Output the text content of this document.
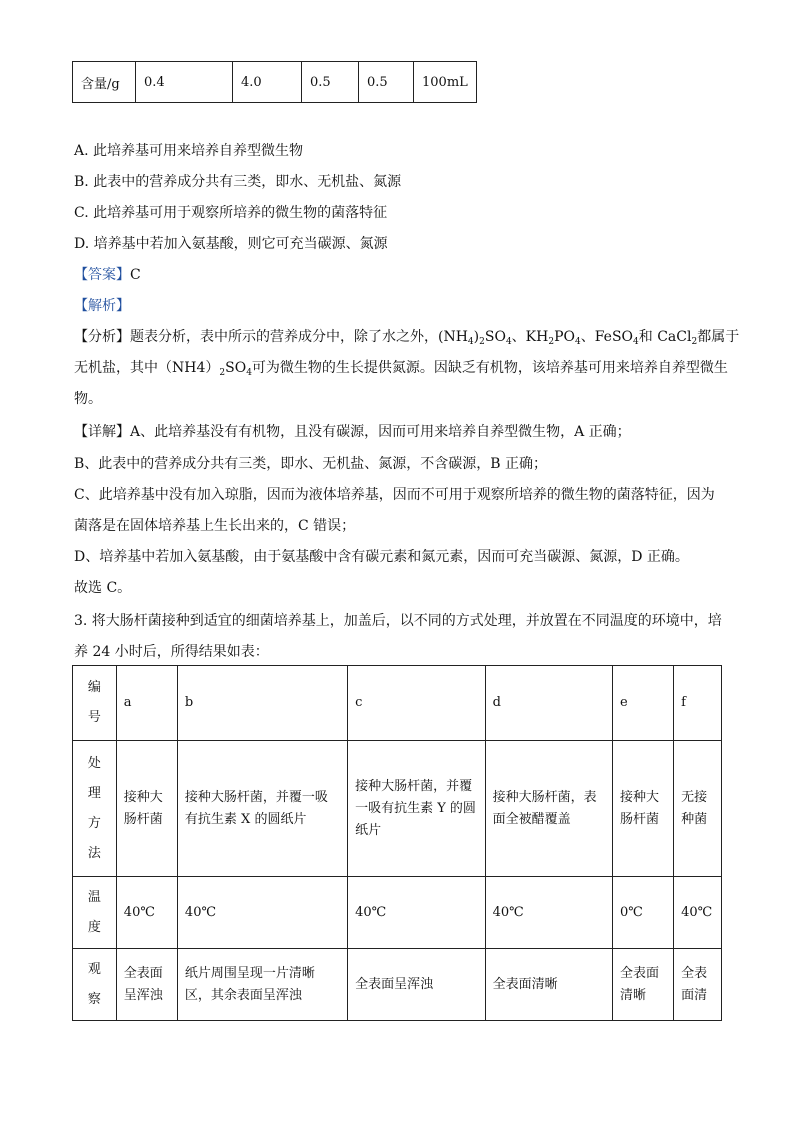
含量/g	0.4	4.0	0.5	0.5	100mL
A. 此培养基可用来培养自养型微生物
B. 此表中的营养成分共有三类，即水、无机盐、氮源
C. 此培养基可用于观察所培养的微生物的菌落特征
D. 培养基中若加入氨基酸，则它可充当碳源、氮源
【答案】C
【解析】
【分析】题表分析，表中所示的营养成分中，除了水之外，$(NH_4)_2SO_4$、$KH_2PO_4$、FeSO$_4$和 CaCl$_2$都属于
无机盐，其中$(NH4)_2SO_4$可为微生物的生长提供氮源。因缺乏有机物，该培养基可用来培养自养型微生
物。
【详解】A、此培养基没有有机物，且没有碳源，因而可用来培养自养型微生物，A 正确；
B、此表中的营养成分共有三类，即水、无机盐、氮源，不含碳源，B 正确；
C、此培养基中没有加入琼脂，因而为液体培养基，因而不可用于观察所培养的微生物的菌落特征，因为
菌落是在固体培养基上生长出来的，C 错误；
D、培养基中若加入氨基酸，由于氨基酸中含有碳元素和氮元素，因而可充当碳源、氮源，D 正确。
故选 C。
3. 将大肠杆菌接种到适宜的细菌培养基上，加盖后，以不同的方式处理，并放置在不同温度的环境中，培
养 24 小时后，所得结果如表：
编
号	a	b	c	d	e	f

处
理
方
法	接种大肠杆菌	接种大肠杆菌，并覆一吸有抗生素 X 的圆纸片	接种大肠杆菌，并覆一吸有抗生素 Y 的圆纸片	接种大肠杆菌，表面全被醋覆盖	接种大肠杆菌	无接种菌

温
度	40℃	40℃	40℃	40℃	0℃	40℃

观
察	全表面呈浑浊	纸片周围呈现一片清晰区，其余表面呈浑浊	全表面呈浑浊	全表面清晰	全表面清晰	全表面清
